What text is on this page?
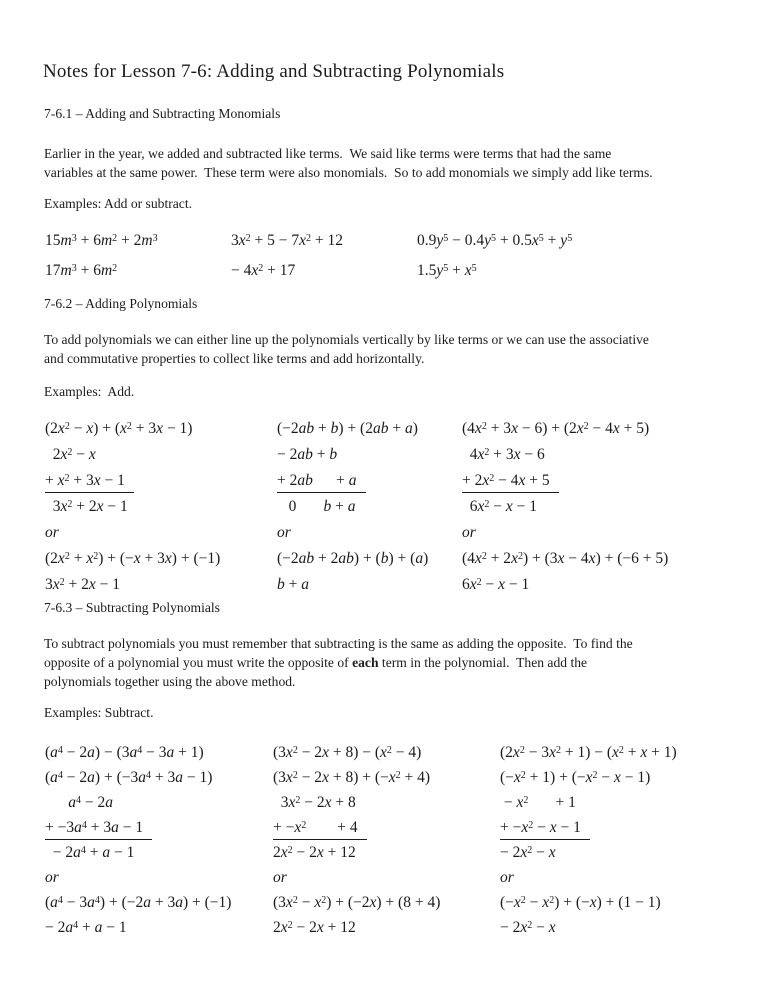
Notes for Lesson 7-6: Adding and Subtracting Polynomials
7-6.1 – Adding and Subtracting Monomials
Earlier in the year, we added and subtracted like terms.  We said like terms were terms that had the same
variables at the same power.  These term were also monomials.  So to add monomials we simply add like terms.
Examples: Add or subtract.
$15m^3 + 6m^2 + 2m^3$
$17m^3 + 6m^2$
$3x^2 + 5 - 7x^2 + 12$
− $4x^2 + 17$
$0.9y^5 - 0.4y^5 + 0.5x^5 + y^5$
$1.5y^5 + x^5$
7-6.2 – Adding Polynomials
To add polynomials we can either line up the polynomials vertically by like terms or we can use the associative
and commutative properties to collect like terms and add horizontally.
Examples:  Add.
$(2x^2 - x) + (x^2 + 3x - 1)$
$2x^2 - x$
+ $x^2 + 3x - 1$
$3x^2 + 2x - 1$
or
$(2x^2 + x^2) + (-x + 3x) + (-1)$
$3x^2 + 2x - 1$
(−2ab + b) + (2ab + a)
− 2ab + b
+ 2ab      + a
0       b + a
or
(−2ab + 2ab) + (b) + (a)
b + a
$(4x^2 + 3x - 6) + (2x^2 - 4x + 5)$
$4x^2 + 3x - 6$
+ $2x^2 - 4x + 5$
$6x^2 - x - 1$
or
$(4x^2 + 2x^2) + (3x - 4x) + (-6 + 5)$
$6x^2 - x - 1$
7-6.3 – Subtracting Polynomials
To subtract polynomials you must remember that subtracting is the same as adding the opposite.  To find the
opposite of a polynomial you must write the opposite of each term in the polynomial.  Then add the
polynomials together using the above method.
Examples: Subtract.
$(a^4 - 2a) - (3a^4 - 3a + 1)$
$(a^4 - 2a) + (-3a^4 + 3a - 1)$
$a^4 - 2a$
+ $-3a^4 + 3a - 1$
− $2a^4 + a - 1$
or
$(a^4 - 3a^4) + (-2a + 3a) + (-1)$
− $2a^4 + a - 1$
$(3x^2 - 2x + 8) - (x^2 - 4)$
$(3x^2 - 2x + 8) + (-x^2 + 4)$
$3x^2 - 2x + 8$
+ $-x^2$        + 4
$2x^2 - 2x + 12$
or
$(3x^2 - x^2) + (-2x) + (8 + 4)$
$2x^2 - 2x + 12$
$(2x^2 - 3x^2 + 1) - (x^2 + x + 1)$
$(-x^2 + 1) + (-x^2 - x - 1)$
− $x^2$       + 1
+ $-x^2 - x - 1$
− $2x^2 - x$
or
$(-x^2 - x^2) + (-x) + (1 - 1)$
− $2x^2 - x$
